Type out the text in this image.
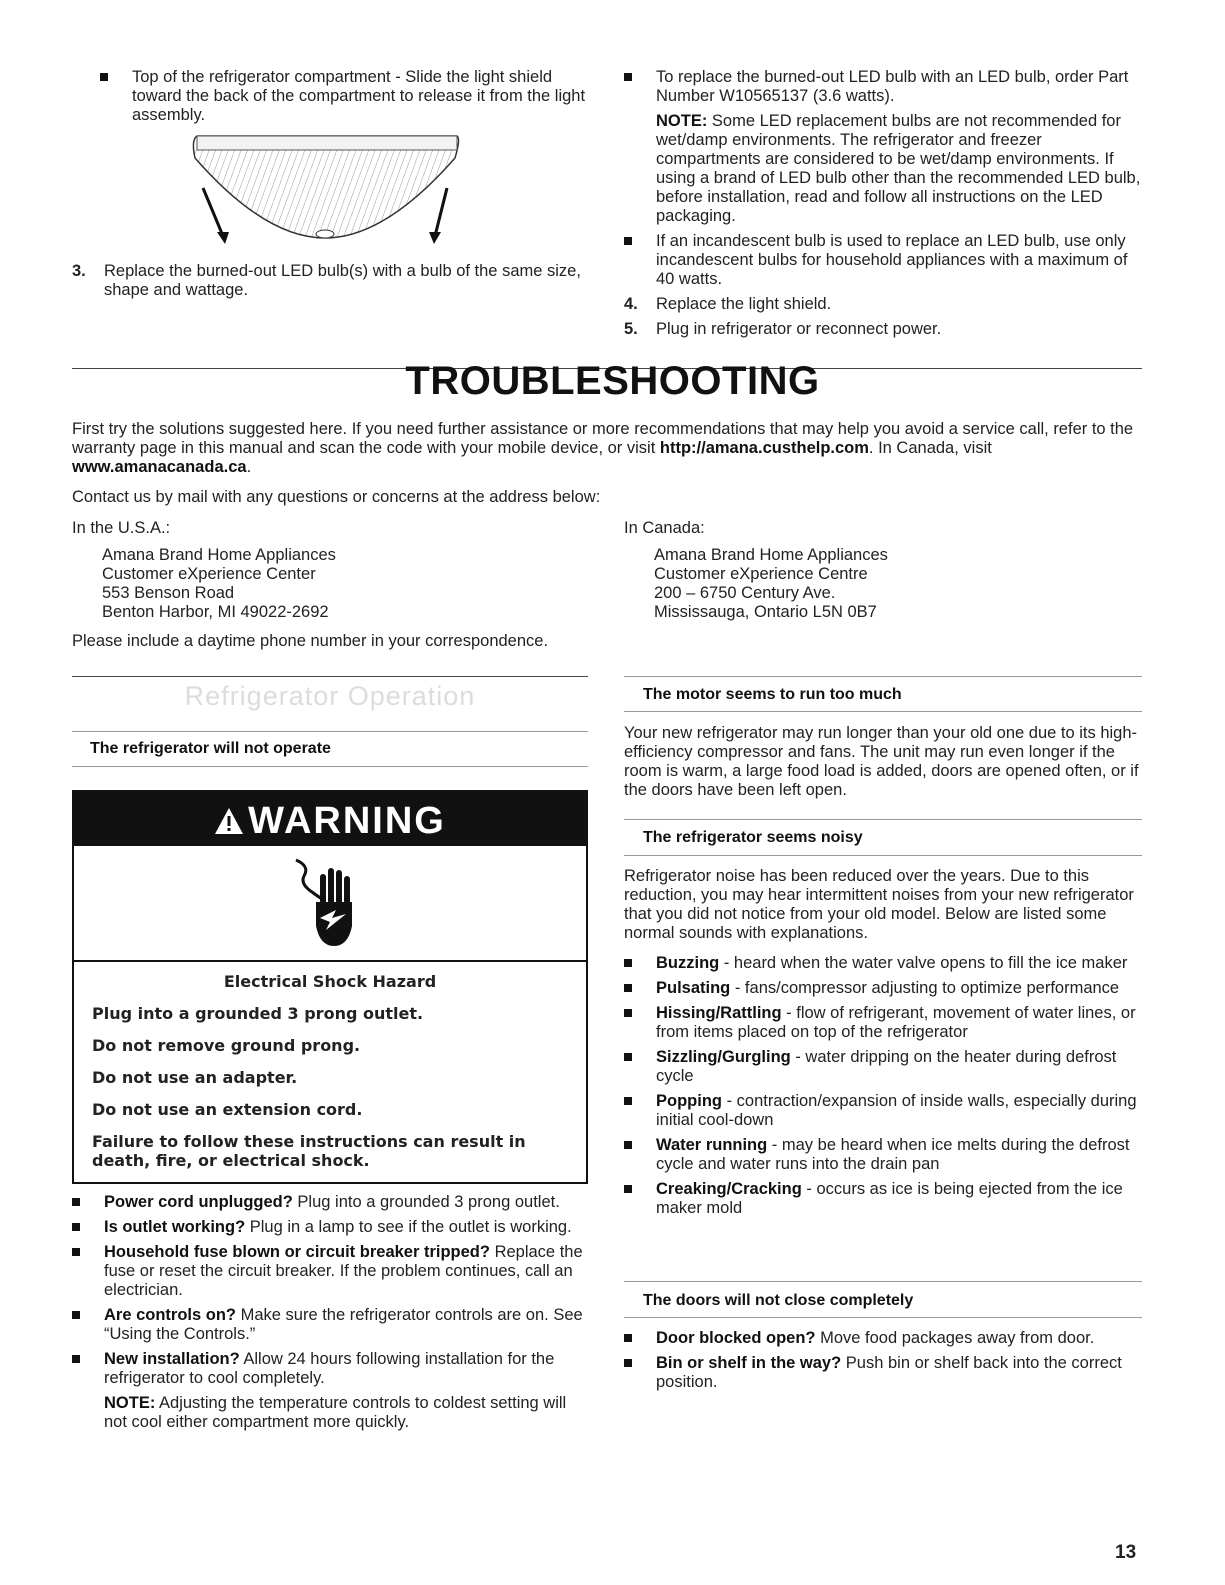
Top of the refrigerator compartment - Slide the light shield toward the back of the compartment to release it from the light assembly.
3. Replace the burned-out LED bulb(s) with a bulb of the same size, shape and wattage.
To replace the burned-out LED bulb with an LED bulb, order Part Number W10565137 (3.6 watts).

NOTE: Some LED replacement bulbs are not recommended for wet/damp environments. The refrigerator and freezer compartments are considered to be wet/damp environments. If using a brand of LED bulb other than the recommended LED bulb, before installation, read and follow all instructions on the LED packaging.

If an incandescent bulb is used to replace an LED bulb, use only incandescent bulbs for household appliances with a maximum of 40 watts.
4. Replace the light shield.
5. Plug in refrigerator or reconnect power.
TROUBLESHOOTING

First try the solutions suggested here. If you need further assistance or more recommendations that may help you avoid a service call, refer to the warranty page in this manual and scan the code with your mobile device, or visit http://amana.custhelp.com. In Canada, visit www.amanacanada.ca.

Contact us by mail with any questions or concerns at the address below:

In the U.S.A.:

Amana Brand Home Appliances

Customer eXperience Center

553 Benson Road

Benton Harbor, MI 49022-2692

Please include a daytime phone number in your correspondence.

In Canada:

Amana Brand Home Appliances

Customer eXperience Centre

200 – 6750 Century Ave.

Mississauga, Ontario L5N 0B7

Refrigerator Operation
The refrigerator will not operate
WARNING

Electrical Shock Hazard

Plug into a grounded 3 prong outlet.

Do not remove ground prong.

Do not use an adapter.

Do not use an extension cord.

Failure to follow these instructions can result in death, fire, or electrical shock.

Power cord unplugged? Plug into a grounded 3 prong outlet.
Is outlet working? Plug in a lamp to see if the outlet is working.
Household fuse blown or circuit breaker tripped? Replace the fuse or reset the circuit breaker. If the problem continues, call an electrician.
Are controls on? Make sure the refrigerator controls are on. See “Using the Controls.”
New installation? Allow 24 hours following installation for the refrigerator to cool completely.

NOTE: Adjusting the temperature controls to coldest setting will not cool either compartment more quickly.

The motor seems to run too much
Your new refrigerator may run longer than your old one due to its high-efficiency compressor and fans. The unit may run even longer if the room is warm, a large food load is added, doors are opened often, or if the doors have been left open.
The refrigerator seems noisy
Refrigerator noise has been reduced over the years. Due to this reduction, you may hear intermittent noises from your new refrigerator that you did not notice from your old model. Below are listed some normal sounds with explanations.
Buzzing - heard when the water valve opens to fill the ice maker
Pulsating - fans/compressor adjusting to optimize performance
Hissing/Rattling - flow of refrigerant, movement of water lines, or from items placed on top of the refrigerator
Sizzling/Gurgling - water dripping on the heater during defrost cycle
Popping - contraction/expansion of inside walls, especially during initial cool-down
Water running - may be heard when ice melts during the defrost cycle and water runs into the drain pan
Creaking/Cracking - occurs as ice is being ejected from the ice maker mold
The doors will not close completely
Door blocked open? Move food packages away from door.
Bin or shelf in the way? Push bin or shelf back into the correct position.
13
